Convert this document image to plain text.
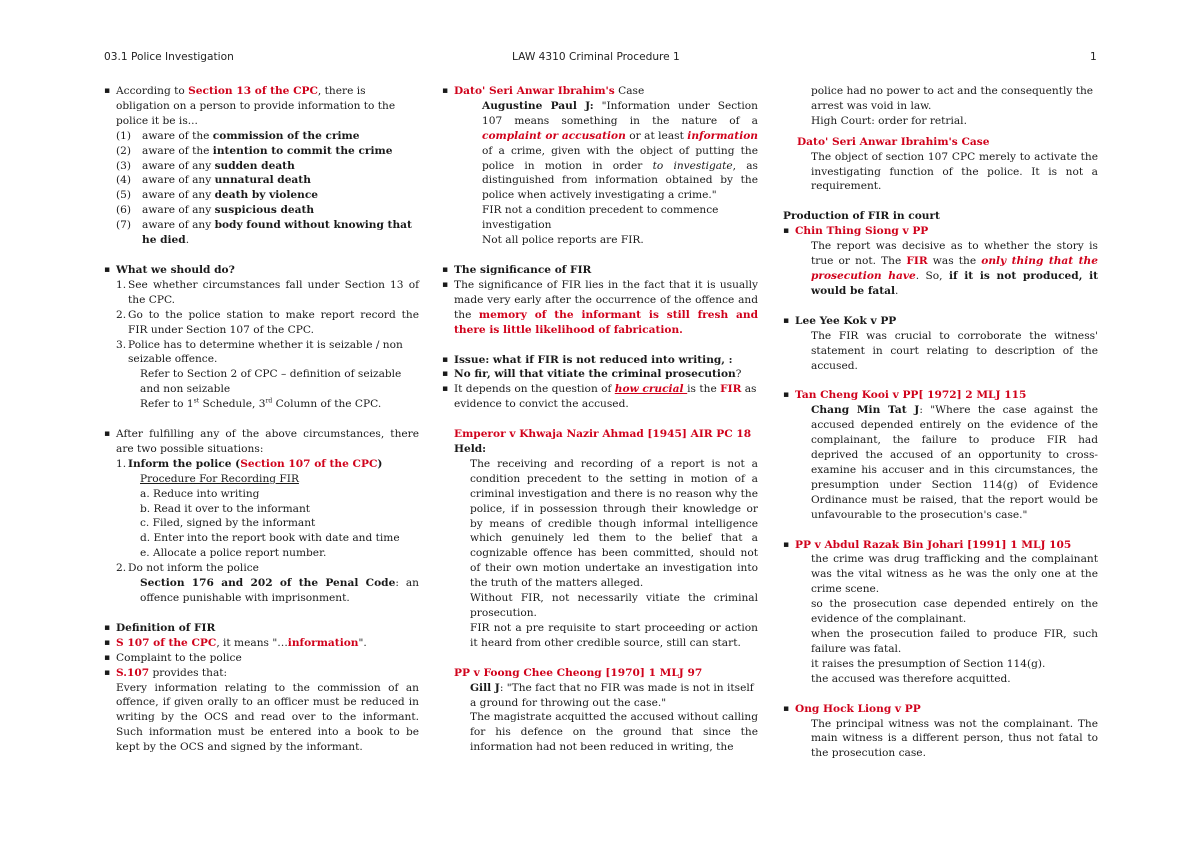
03.1 Police Investigation	LAW 4310 Criminal Procedure 1	1
▪ According to Section 13 of the CPC, there is obligation on a person to provide information to the police it be is...
(1) aware of the commission of the crime
(2) aware of the intention to commit the crime
(3) aware of any sudden death
(4) aware of any unnatural death
(5) aware of any death by violence
(6) aware of any suspicious death
(7) aware of any body found without knowing that he died.
▪ What we should do?
1. See whether circumstances fall under Section 13 of the CPC.
2. Go to the police station to make report record the FIR under Section 107 of the CPC.
3. Police has to determine whether it is seizable / non seizable offence.
Refer to Section 2 of CPC – definition of seizable and non seizable
Refer to 1st Schedule, 3rd Column of the CPC.
▪ After fulfilling any of the above circumstances, there are two possible situations:
1. Inform the police (Section 107 of the CPC)
Procedure For Recording FIR
a. Reduce into writing
b. Read it over to the informant
c. Filed, signed by the informant
d. Enter into the report book with date and time
e. Allocate a police report number.
2. Do not inform the police
Section 176 and 202 of the Penal Code: an offence punishable with imprisonment.
▪ Definition of FIR
▪ S 107 of the CPC, it means "…information".
▪ Complaint to the police
▪ S.107 provides that:
Every information relating to the commission of an offence, if given orally to an officer must be reduced in writing by the OCS and read over to the informant. Such information must be entered into a book to be kept by the OCS and signed by the informant.
▪ Dato' Seri Anwar Ibrahim's Case
Augustine Paul J: "Information under Section 107 means something in the nature of a complaint or accusation or at least information of a crime, given with the object of putting the police in motion in order to investigate, as distinguished from information obtained by the police when actively investigating a crime."
FIR not a condition precedent to commence investigation
Not all police reports are FIR.
▪ The significance of FIR
▪ The significance of FIR lies in the fact that it is usually made very early after the occurrence of the offence and the memory of the informant is still fresh and there is little likelihood of fabrication.
▪ Issue: what if FIR is not reduced into writing, :
▪ No fir, will that vitiate the criminal prosecution?
▪ It depends on the question of how crucial is the FIR as evidence to convict the accused.
Emperor v Khwaja Nazir Ahmad [1945] AIR PC 18
Held:
The receiving and recording of a report is not a condition precedent to the setting in motion of a criminal investigation and there is no reason why the police, if in possession through their knowledge or by means of credible though informal intelligence which genuinely led them to the belief that a cognizable offence has been committed, should not of their own motion undertake an investigation into the truth of the matters alleged.
Without FIR, not necessarily vitiate the criminal prosecution.
FIR not a pre requisite to start proceeding or action it heard from other credible source, still can start.
PP v Foong Chee Cheong [1970] 1 MLJ 97
Gill J: "The fact that no FIR was made is not in itself a ground for throwing out the case."
The magistrate acquitted the accused without calling for his defence on the ground that since the information had not been reduced in writing, the
police had no power to act and the consequently the arrest was void in law.
High Court: order for retrial.
Dato' Seri Anwar Ibrahim's Case
The object of section 107 CPC merely to activate the investigating function of the police. It is not a requirement.
Production of FIR in court
▪ Chin Thing Siong v PP
The report was decisive as to whether the story is true or not. The FIR was the only thing that the prosecution have. So, if it is not produced, it would be fatal.
▪ Lee Yee Kok v PP
The FIR was crucial to corroborate the witness' statement in court relating to description of the accused.
▪ Tan Cheng Kooi v PP[ 1972] 2 MLJ 115
Chang Min Tat J: "Where the case against the accused depended entirely on the evidence of the complainant, the failure to produce FIR had deprived the accused of an opportunity to cross-examine his accuser and in this circumstances, the presumption under Section 114(g) of Evidence Ordinance must be raised, that the report would be unfavourable to the prosecution's case."
▪ PP v Abdul Razak Bin Johari [1991] 1 MLJ 105
the crime was drug trafficking and the complainant was the vital witness as he was the only one at the crime scene.
so the prosecution case depended entirely on the evidence of the complainant.
when the prosecution failed to produce FIR, such failure was fatal.
it raises the presumption of Section 114(g).
the accused was therefore acquitted.
▪ Ong Hock Liong v PP
The principal witness was not the complainant. The main witness is a different person, thus not fatal to the prosecution case.
